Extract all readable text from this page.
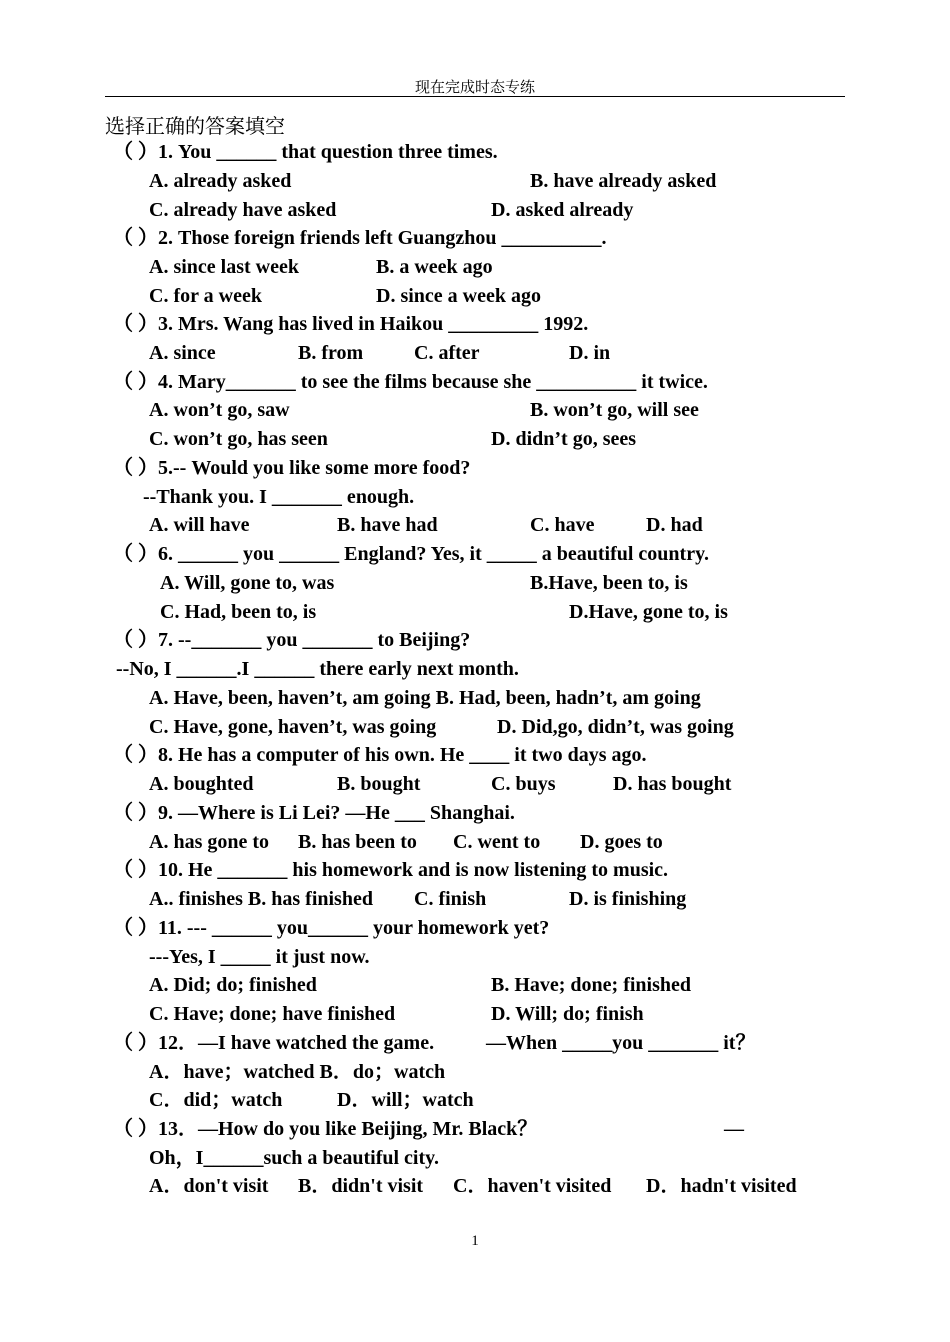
现在完成时态专练
选择正确的答案填空
（ ）1. You ______ that question three times.
A. already asked	B. have already asked
C. already have asked	D. asked already
（ ）2. Those foreign friends left Guangzhou __________.
A. since last week	B. a week ago
C. for a week	D. since a week ago
（ ）3. Mrs. Wang has lived in Haikou _________ 1992.
A. since	B. from	C. after	D. in
（ ）4. Mary_______ to see the films because she __________ it twice.
A. won’t go, saw	B. won’t go, will see
C. won’t go, has seen	D. didn’t go, sees
（ ）5.-- Would you like some more food?
--Thank you. I _______ enough.
A. will have	B. have had	C. have	D. had
（ ）6. ______ you ______ England? Yes, it _____ a beautiful country.
A. Will, gone to, was	B.Have, been to, is
C. Had, been to, is	D.Have, gone to, is
（ ）7. --_______ you _______ to Beijing?
--No, I ______.I ______ there early next month.
A. Have, been, haven’t, am going B. Had, been, hadn’t, am going
C. Have, gone, haven’t, was going	D. Did,go, didn’t, was going
（ ）8. He has a computer of his own. He ____ it two days ago.
A. boughted	B. bought	C. buys	D. has bought
（ ）9. —Where is Li Lei? —He ___ Shanghai.
A. has gone to B. has been to C. went to D. goes to
（ ）10. He _______ his homework and is now listening to music.
A.. finishes B. has finished C. finish	D. is finishing
（ ）11. --- ______ you______ your homework yet?
---Yes, I _____ it just now.
A. Did; do; finished	B. Have; done; finished
C. Have; done; have finished	D. Will; do; finish
（ ）12．—I have watched the game.	—When _____you _______ it？
A．have；watched B．do；watch
C．did；watch	D．will；watch
（ ）13．—How do you like Beijing, Mr. Black？	—
Oh，I______such a beautiful city.
A．don't visit B．didn't visit C．haven't visited D．hadn't visited
1
